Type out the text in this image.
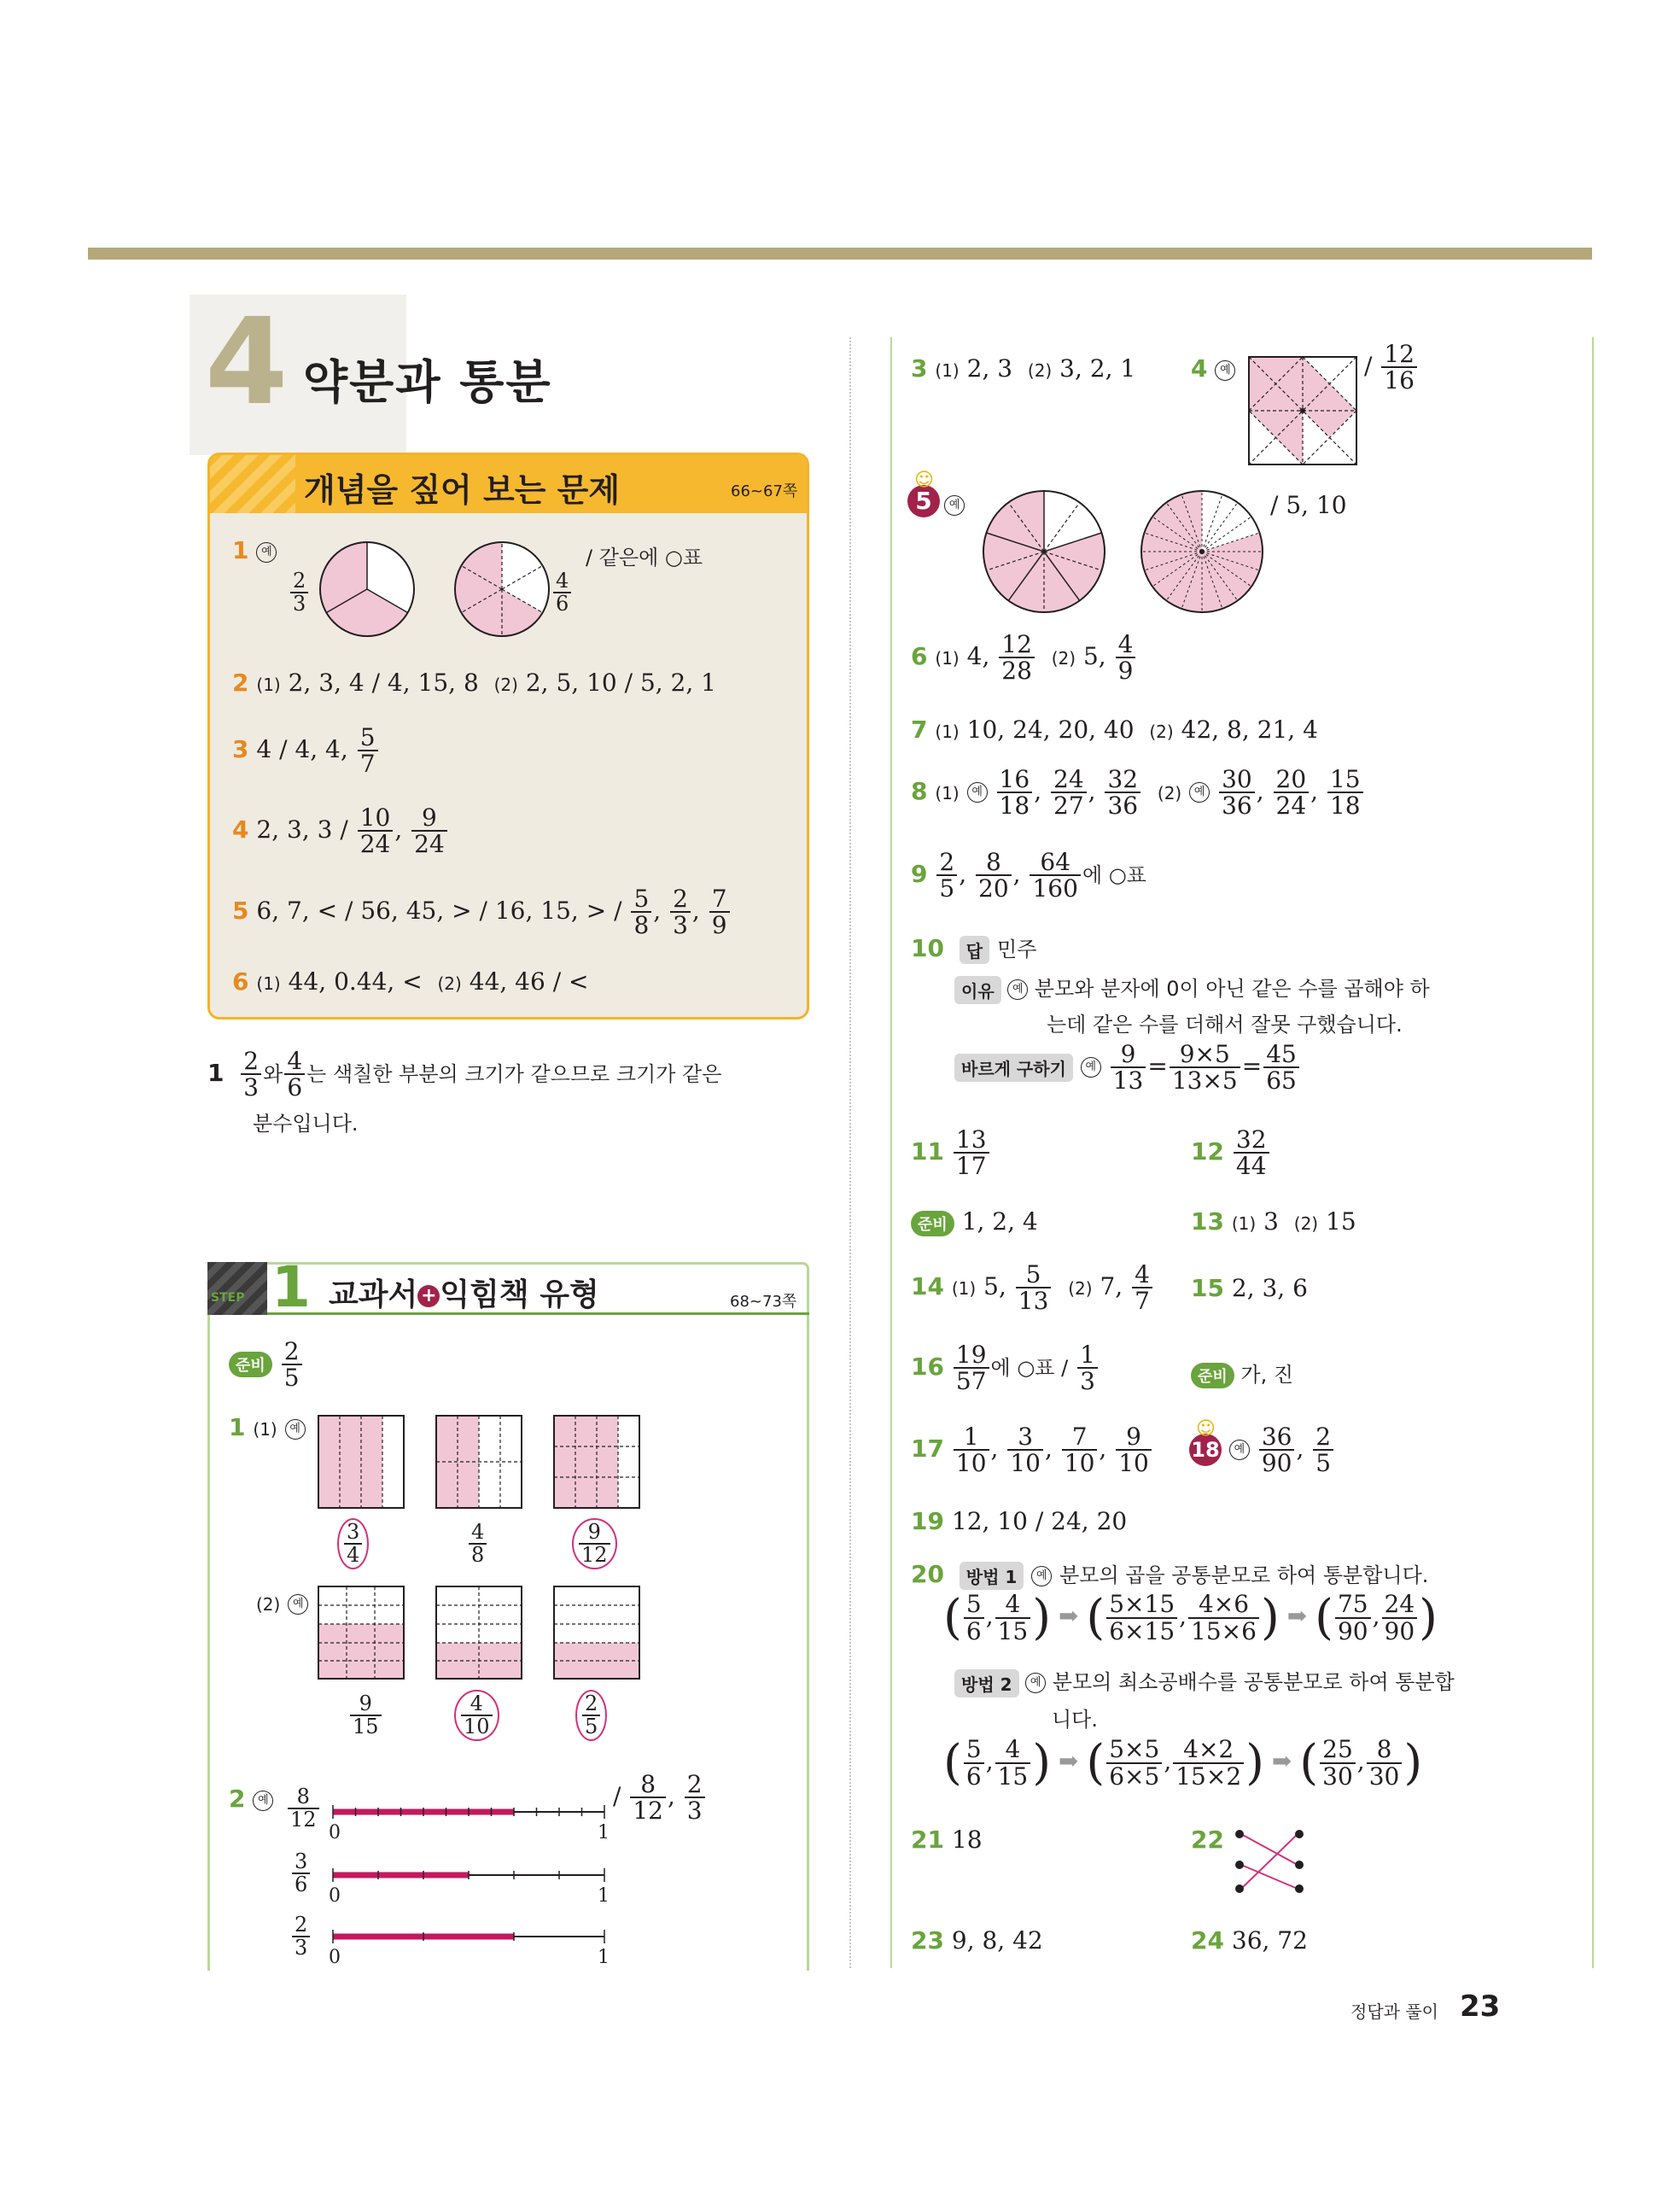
4 약분과 통분
개념을 짚어 보는 문제	66~67쪽
1 예
$\frac{2}{3}$	$\frac{4}{6}$
/ 같은에 ○표
2 (1) 2, 3, 4 / 4, 15, 8 (2) 2, 5, 10 / 5, 2, 1
3 4 / 4, 4, $\frac{5}{7}$
4 2, 3, $3 / \frac{10}{24}$ , $\frac{9}{24}$
5 6, 7, < / 56, 45, > / 16, 15, > / $\frac{5}{8}$ , $\frac{2}{3}$ , $\frac{7}{9}$
6 (1) 44, 0.44, < (2) 44, 46 / <
$1 \frac{2}{3}$ 와 $\frac{4}{6}$ 는 색칠한 부분의 크기가 같으므로 크기가 같은
분수입니다.
STEP 1 교과서 + 익힘책 유형	68~73쪽
준비 $\frac{2}{5}$
1 (1) 예
$\frac{3}{4}$	$\frac{4}{8}$	$\frac{9}{12}$
(2) 예
$\frac{9}{15}$	$\frac{4}{10}$	$\frac{2}{5}$
2 예 $\frac{8}{12}$
0	1
/ $\frac{8}{12}$ , $\frac{2}{3}$
$\frac{3}{6}$
0	1
$\frac{2}{3} 0$	1
3 (1) 2, 3 (2) 3, 2, 1 4 예	/ $\frac{12}{16}$
☺ 5 예	/ 5, 10
6 (1) 4, $\frac{12}{28} (2)$ 5, $\frac{4}{9}$
7 (1) 10, 24, 20, 40 (2) 42, 8, 21, 4
8 (1) 예 $\frac{16}{18}$ , $\frac{24}{27}$ , $\frac{32}{36} (2)$ 예 $\frac{30}{36}$ , $\frac{20}{24}$ , $\frac{15}{18}$
$9 \frac{2}{5}$ , $\frac{8}{20}$ , $\frac{64}{160}$ 에 ○표
10 답 민주
이유 예 분모와 분자에 0이 아닌 같은 수를 곱해야 하
는데 같은 수를 더해서 잘못 구했습니다.
바르게 구하기 예 $\frac{9}{13} = \frac{9\times 5}{13\times 5} = \frac{45}{65}$
$11 \frac{13}{17}$	$12 \frac{32}{44}$
준비 1, 2, 4	13 (1) 3 (2) 15
14 (1) 5, $\frac{5}{13} (2)$ 7, $\frac{4}{7} 15$ 2, 3, 6
$16 \frac{19}{57}$ 에 ○표 / $\frac{1}{3}$	준비 가, 진
$17 \frac{1}{10}$ , $\frac{3}{10}$ , $\frac{7}{10}$ , $\frac{9}{10}$ ☺ 18 예 $\frac{36}{90}$ , $\frac{2}{5}$
19 12, 10 / 24, 20
20 방법 1 예 분모의 곱을 공통분모로 하여 통분합니다.
( $\frac{5}{6}$ , $\frac{4}{15}$ ) ➡ ( $\frac{5\times 15}{6\times 15}$ , $\frac{4\times 6}{15\times 6}$ ) ➡ ( $\frac{75}{90}$ , $\frac{24}{90}$ )
방법 2 예 분모의 최소공배수를 공통분모로 하여 통분합
니다.
( $\frac{5}{6}$ , $\frac{4}{15}$ ) ➡ ( $\frac{5\times 5}{6\times 5}$ , $\frac{4\times 2}{15\times 2}$ ) ➡ ( $\frac{25}{30}$ , $\frac{8}{30}$ )
21 18	22
23 9, 8, 42	24 36, 72
정답과 풀이 23
